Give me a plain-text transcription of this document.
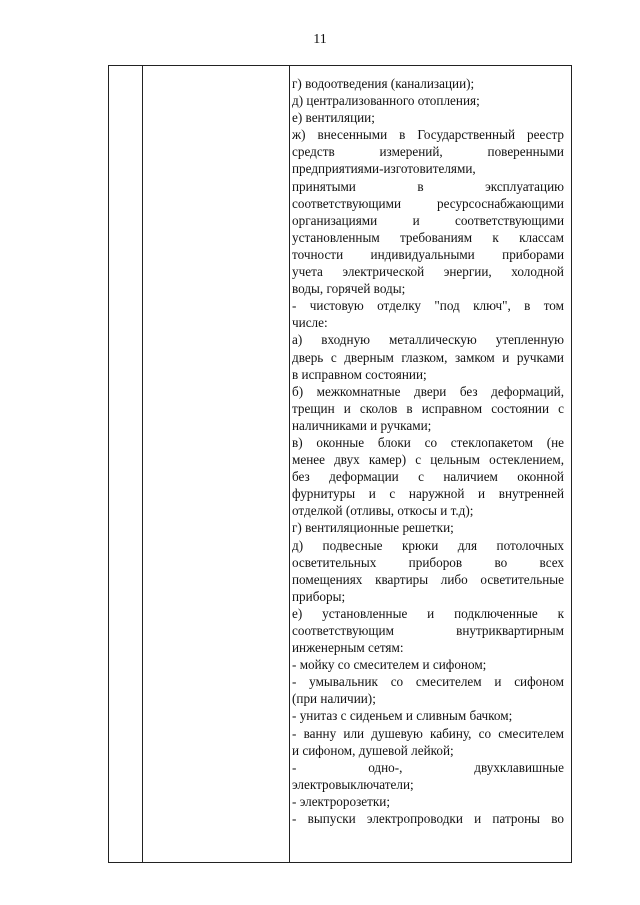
11
г) водоотведения (канализации);
д) централизованного отопления;
е) вентиляции;
ж) внесенными в Государственный реестр
средств измерений, поверенными
предприятиями-изготовителями,
принятыми в эксплуатацию
соответствующими ресурсоснабжающими
организациями и соответствующими
установленным требованиям к классам
точности индивидуальными приборами
учета электрической энергии, холодной
воды, горячей воды;
- чистовую отделку "под ключ", в том
числе:
а) входную металлическую утепленную
дверь с дверным глазком, замком и ручками
в исправном состоянии;
б) межкомнатные двери без деформаций,
трещин и сколов в исправном состоянии с
наличниками и ручками;
в) оконные блоки со стеклопакетом (не
менее двух камер) с цельным остеклением,
без деформации с наличием оконной
фурнитуры и с наружной и внутренней
отделкой (отливы, откосы и т.д);
г) вентиляционные решетки;
д) подвесные крюки для потолочных
осветительных приборов во всех
помещениях квартиры либо осветительные
приборы;
е) установленные и подключенные к
соответствующим внутриквартирным
инженерным сетям:
- мойку со смесителем и сифоном;
- умывальник со смесителем и сифоном
(при наличии);
- унитаз с сиденьем и сливным бачком;
- ванну или душевую кабину, со смесителем
и сифоном, душевой лейкой;
- одно-, двухклавишные
электровыключатели;
- электророзетки;
- выпуски электропроводки и патроны во
